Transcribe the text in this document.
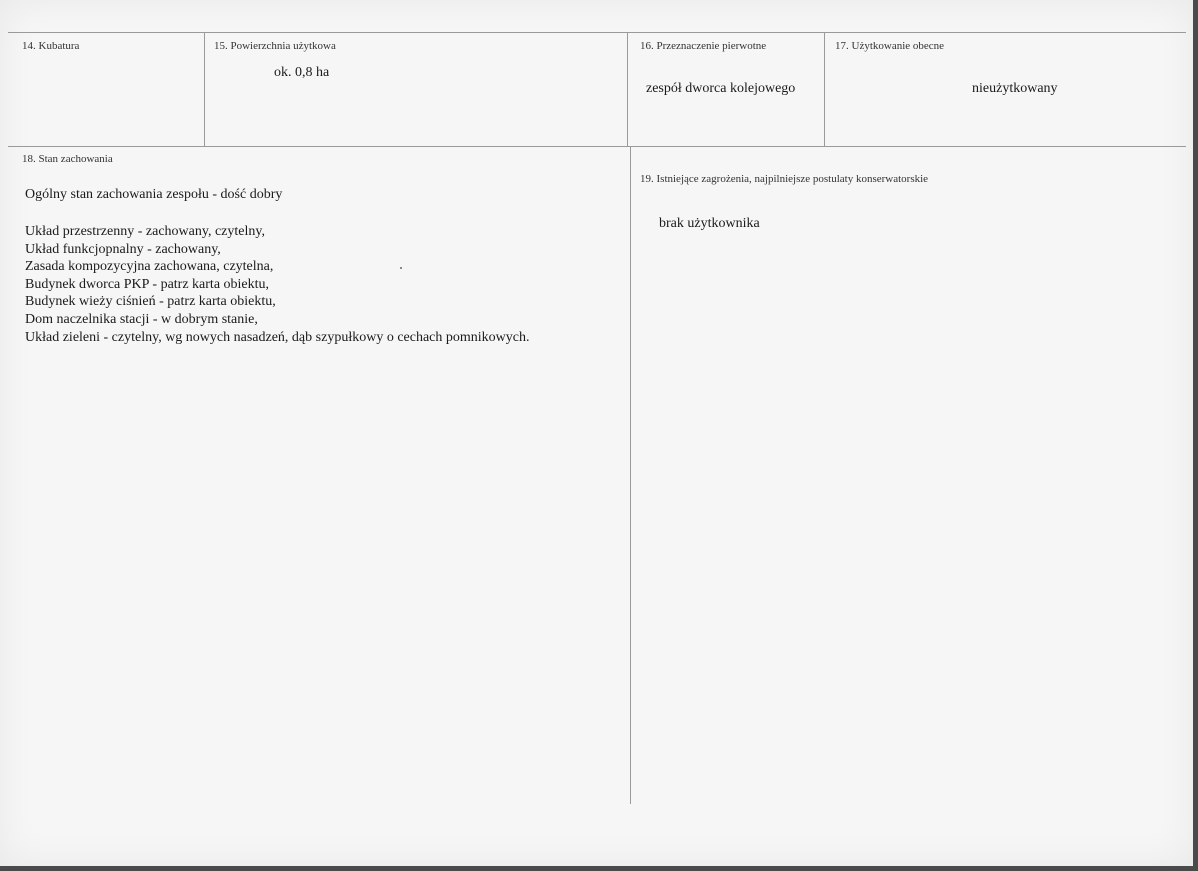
14. Kubatura	15. Powierzchnia użytkowa
ok. 0,8 ha
16. Przeznaczenie pierwotne
zespół dworca kolejowego
17. Użytkowanie obecne
nieużytkowany
18. Stan zachowania
Ogólny stan zachowania zespołu - dość dobry
Układ przestrzenny - zachowany, czytelny,
Układ funkcjopnalny - zachowany,
Zasada kompozycyjna zachowana, czytelna,
Budynek dworca PKP - patrz karta obiektu,
Budynek wieży ciśnień - patrz karta obiektu,
Dom naczelnika stacji - w dobrym stanie,
Układ zieleni - czytelny, wg nowych nasadzeń, dąb szypułkowy o cechach pomnikowych.
19. Istniejące zagrożenia, najpilniejsze postulaty konserwatorskie
brak użytkownika
